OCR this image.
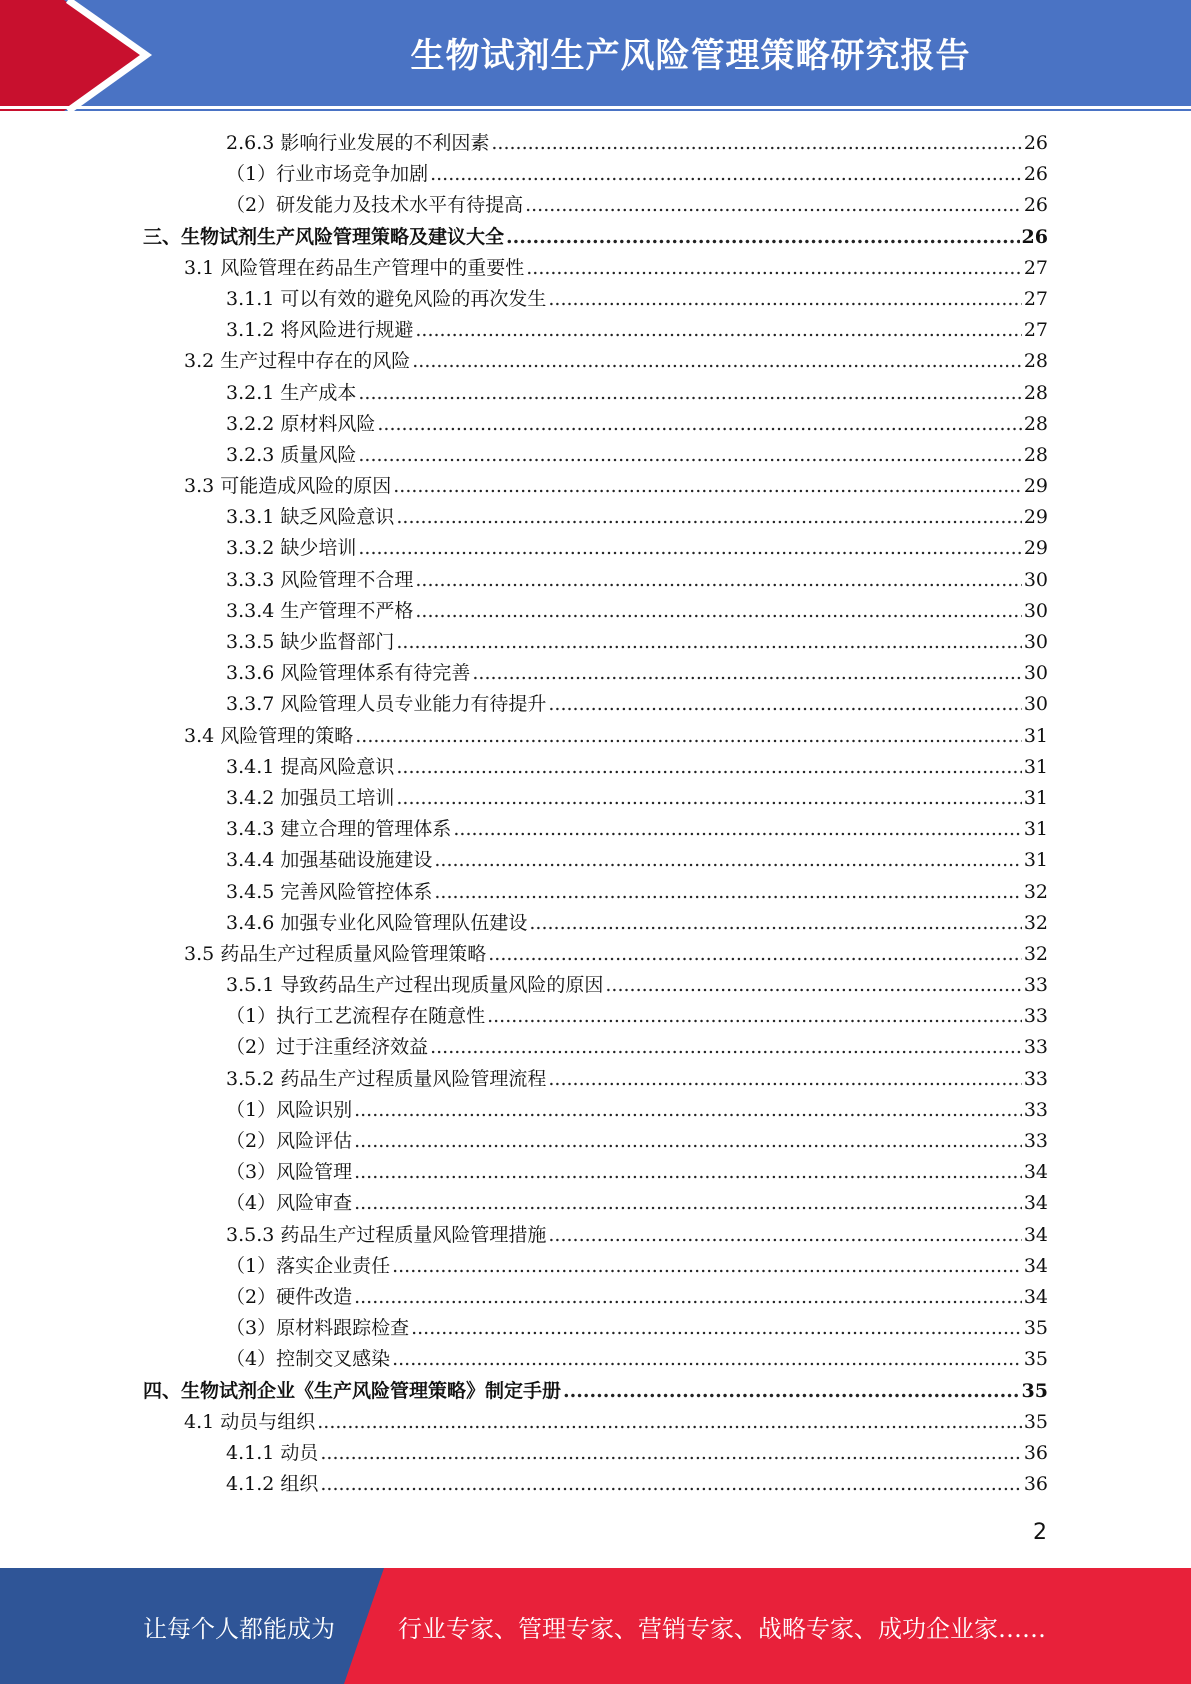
生物试剂生产风险管理策略研究报告
2.6.3 影响行业发展的不利因素 .....	26
（1）行业市场竞争加剧 .....	26
（2）研发能力及技术水平有待提高 .....	26
三、生物试剂生产风险管理策略及建议大全 .....	26
3.1 风险管理在药品生产管理中的重要性 .....	27
3.1.1 可以有效的避免风险的再次发生 .....	27
3.1.2 将风险进行规避 .....	27
3.2 生产过程中存在的风险 .....	28
3.2.1 生产成本 .....	28
3.2.2 原材料风险 .....	28
3.2.3 质量风险 .....	28
3.3 可能造成风险的原因 .....	29
3.3.1 缺乏风险意识 .....	29
3.3.2 缺少培训 .....	29
3.3.3 风险管理不合理 .....	30
3.3.4 生产管理不严格 .....	30
3.3.5 缺少监督部门 .....	30
3.3.6 风险管理体系有待完善 .....	30
3.3.7 风险管理人员专业能力有待提升 .....	30
3.4 风险管理的策略 .....	31
3.4.1 提高风险意识 .....	31
3.4.2 加强员工培训 .....	31
3.4.3 建立合理的管理体系 .....	31
3.4.4 加强基础设施建设 .....	31
3.4.5 完善风险管控体系 .....	32
3.4.6 加强专业化风险管理队伍建设 .....	32
3.5 药品生产过程质量风险管理策略 .....	32
3.5.1 导致药品生产过程出现质量风险的原因 .....	33
（1）执行工艺流程存在随意性 .....	33
（2）过于注重经济效益 .....	33
3.5.2 药品生产过程质量风险管理流程 .....	33
（1）风险识别 .....	33
（2）风险评估 .....	33
（3）风险管理 .....	34
（4）风险审查 .....	34
3.5.3 药品生产过程质量风险管理措施 .....	34
（1）落实企业责任 .....	34
（2）硬件改造 .....	34
（3）原材料跟踪检查 .....	35
（4）控制交叉感染 .....	35
四、生物试剂企业《生产风险管理策略》制定手册 .....	35
4.1 动员与组织 .....	35
4.1.1 动员 .....	36
4.1.2 组织 .....	36
2
让每个人都能成为	行业专家、管理专家、营销专家、战略专家、成功企业家……
